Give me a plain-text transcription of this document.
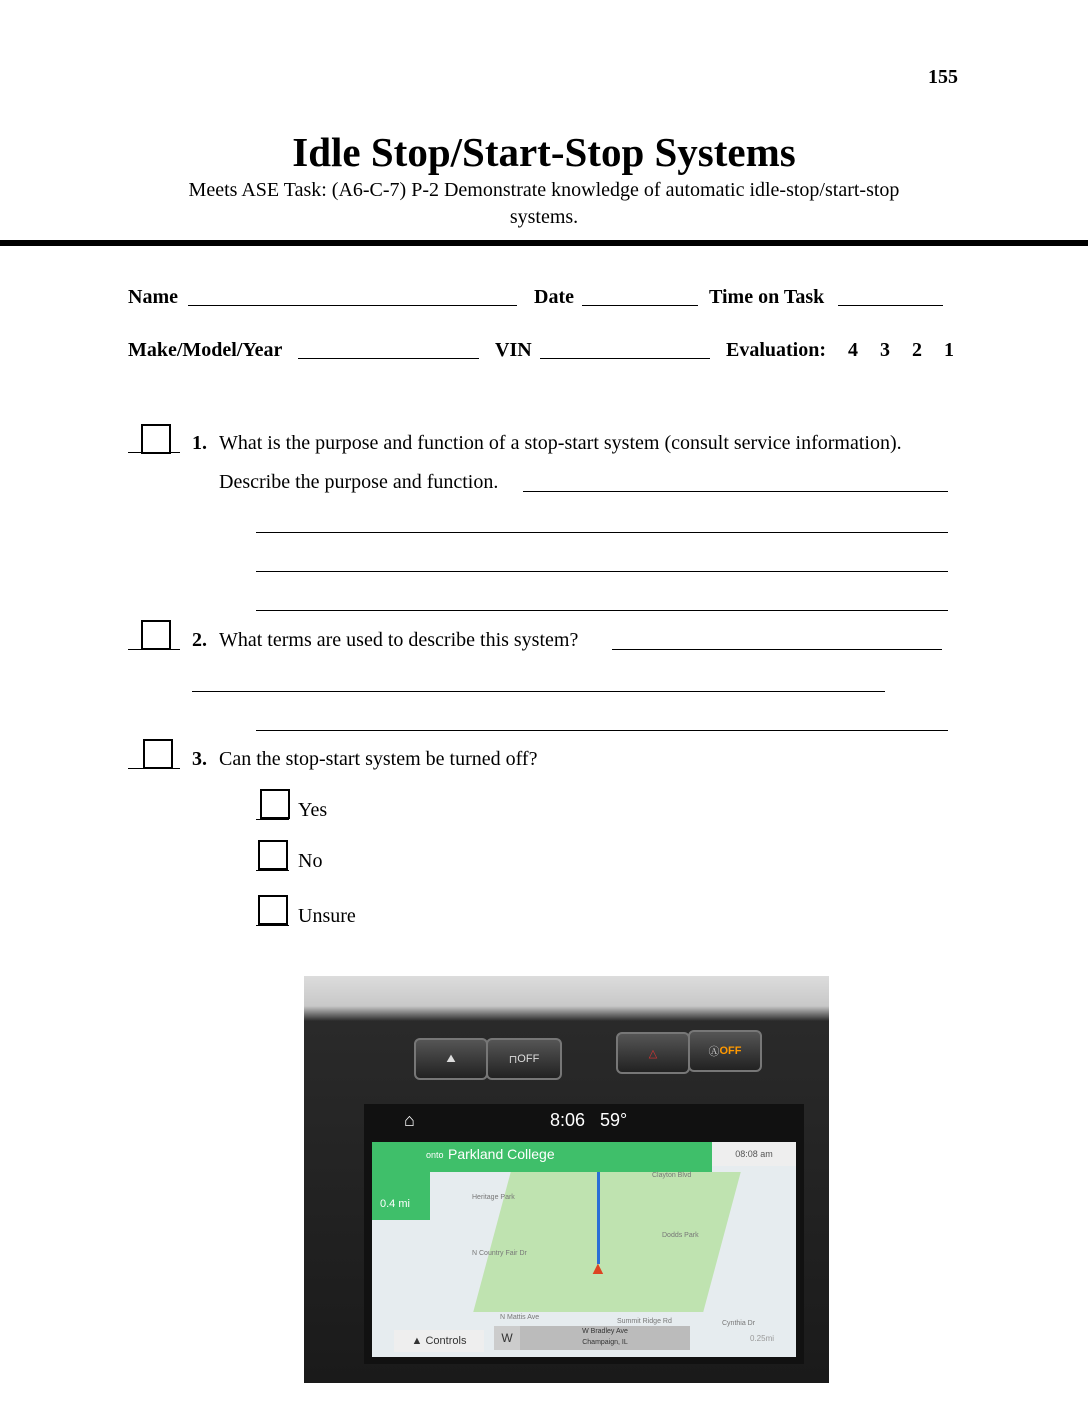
155
Idle Stop/Start-Stop Systems
Meets ASE Task: (A6-C-7) P-2 Demonstrate knowledge of automatic idle-stop/start-stop
systems.
Name	Date	Time on Task
Make/Model/Year	VIN	Evaluation: 4 3 2 1
1. What is the purpose and function of a stop-start system (consult service information).
Describe the purpose and function.
2. What terms are used to describe this system?
3. Can the stop-start system be turned off?
Yes
No
Unsure
⛰	⊓ OFF	△	Ⓐ OFF
⌂	8:06 59°
onto Parkland College
0.4 mi
08:08 am
▲
Heritage Park
Dodds Park
N Country Fair Dr
N Mattis Ave
Summit Ridge Rd	Cynthia Dr
Clayton Blvd
▲ Controls	W	W Bradley Ave
Champaign, IL	0.25mi
